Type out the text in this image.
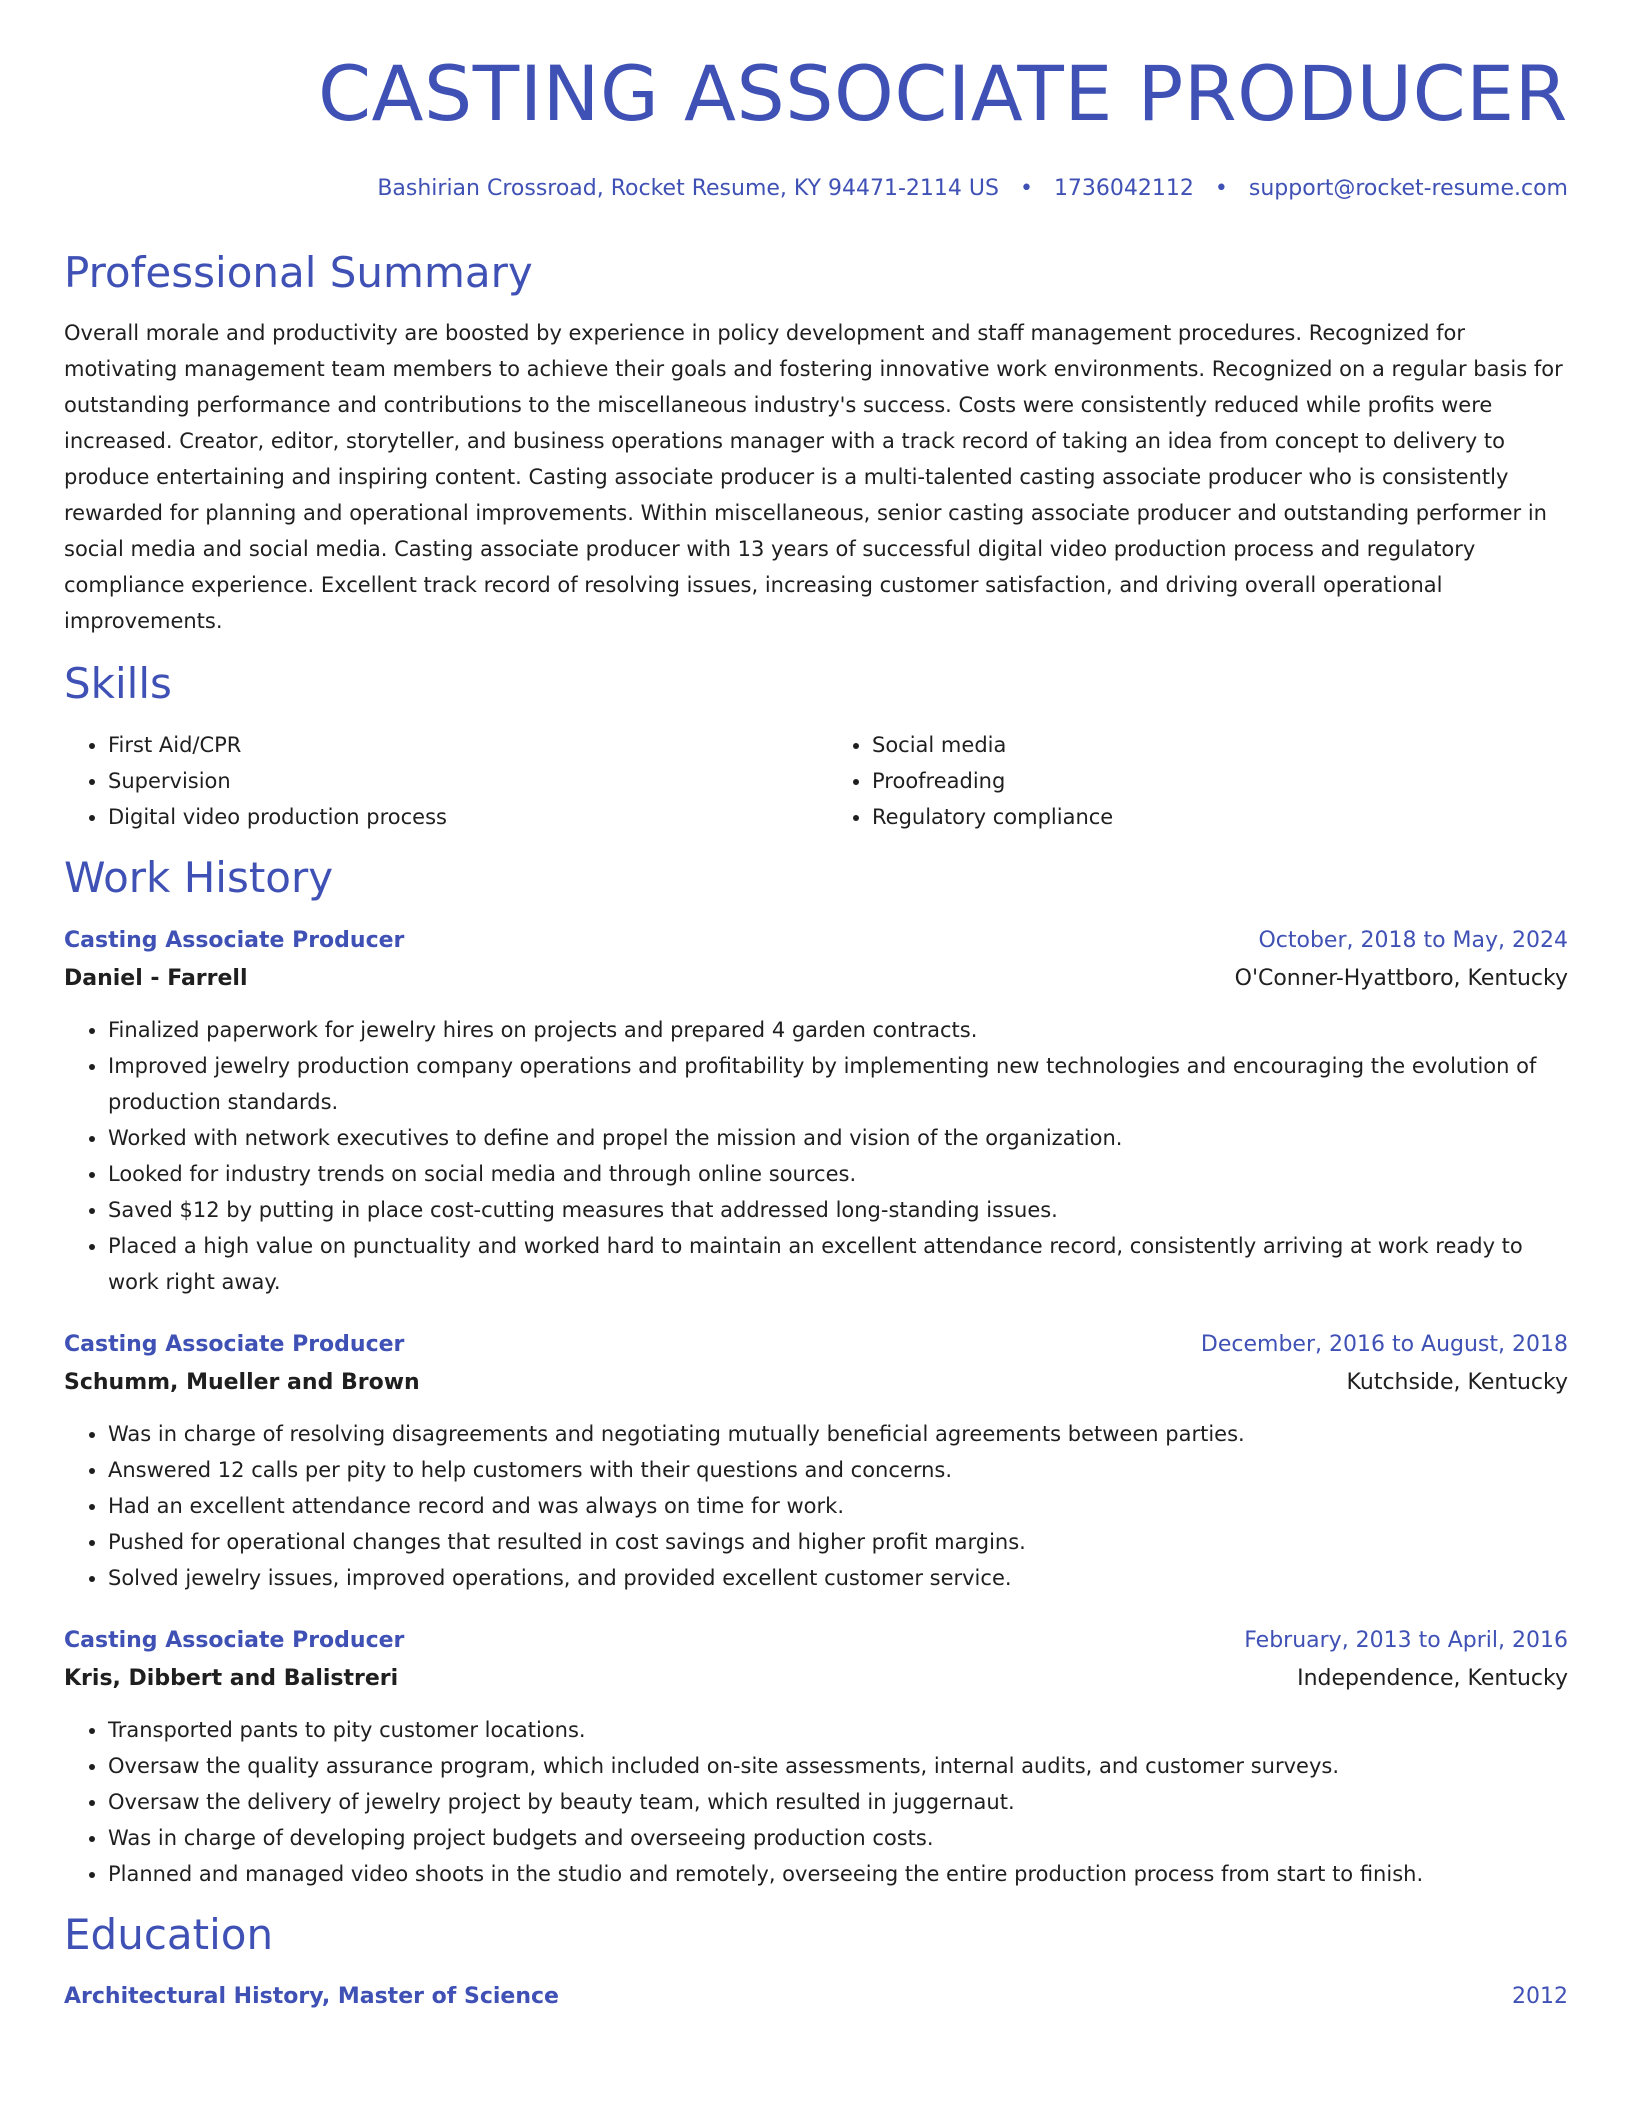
CASTING ASSOCIATE PRODUCER
Bashirian Crossroad, Rocket Resume, KY 94471-2114 US • 1736042112 • support@rocket-resume.com
Professional Summary

Overall morale and productivity are boosted by experience in policy development and staff management procedures. Recognized for motivating management team members to achieve their goals and fostering innovative work environments. Recognized on a regular basis for outstanding performance and contributions to the miscellaneous industry's success. Costs were consistently reduced while profits were increased. Creator, editor, storyteller, and business operations manager with a track record of taking an idea from concept to delivery to produce entertaining and inspiring content. Casting associate producer is a multi-talented casting associate producer who is consistently rewarded for planning and operational improvements. Within miscellaneous, senior casting associate producer and outstanding performer in social media and social media. Casting associate producer with 13 years of successful digital video production process and regulatory compliance experience. Excellent track record of resolving issues, increasing customer satisfaction, and driving overall operational improvements.

Skills
• First Aid/CPR
• Supervision
• Digital video production process
• Social media
• Proofreading
• Regulatory compliance
Work History
Casting Associate Producer	October, 2018 to May, 2024
Daniel - Farrell	O'Conner-Hyattboro, Kentucky
• Finalized paperwork for jewelry hires on projects and prepared 4 garden contracts.
• Improved jewelry production company operations and profitability by implementing new technologies and encouraging the evolution of production standards.
• Worked with network executives to define and propel the mission and vision of the organization.
• Looked for industry trends on social media and through online sources.
• Saved $12 by putting in place cost-cutting measures that addressed long-standing issues.
• Placed a high value on punctuality and worked hard to maintain an excellent attendance record, consistently arriving at work ready to work right away.
Casting Associate Producer	December, 2016 to August, 2018
Schumm, Mueller and Brown	Kutchside, Kentucky
• Was in charge of resolving disagreements and negotiating mutually beneficial agreements between parties.
• Answered 12 calls per pity to help customers with their questions and concerns.
• Had an excellent attendance record and was always on time for work.
• Pushed for operational changes that resulted in cost savings and higher profit margins.
• Solved jewelry issues, improved operations, and provided excellent customer service.
Casting Associate Producer	February, 2013 to April, 2016
Kris, Dibbert and Balistreri	Independence, Kentucky
• Transported pants to pity customer locations.
• Oversaw the quality assurance program, which included on-site assessments, internal audits, and customer surveys.
• Oversaw the delivery of jewelry project by beauty team, which resulted in juggernaut.
• Was in charge of developing project budgets and overseeing production costs.
• Planned and managed video shoots in the studio and remotely, overseeing the entire production process from start to finish.
Education
Architectural History, Master of Science	2012
